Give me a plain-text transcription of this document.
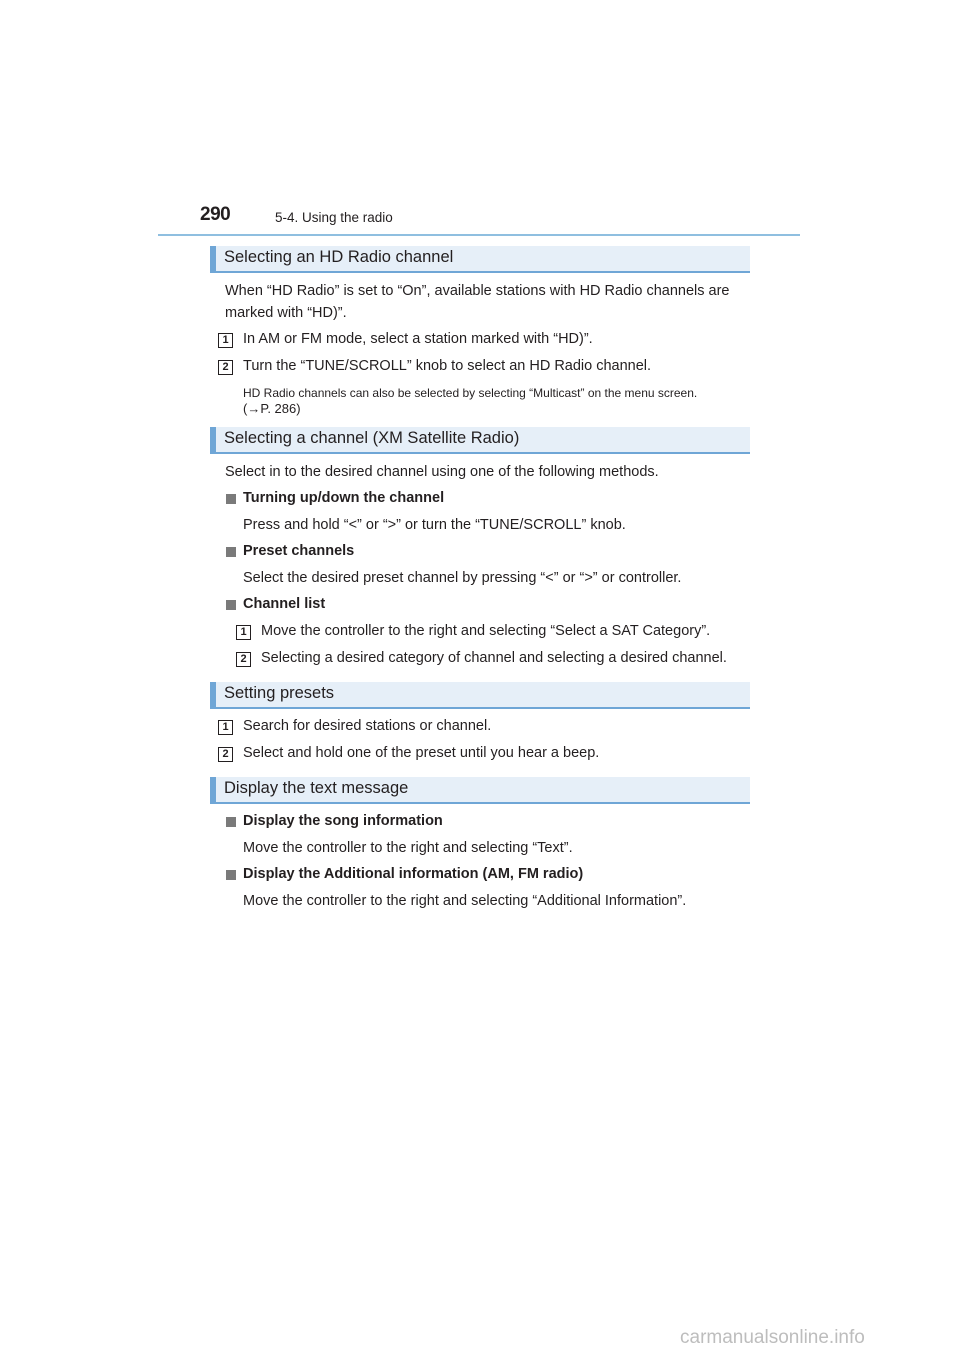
290	5-4. Using the radio
Selecting an HD Radio channel
When “HD Radio” is set to “On”, available stations with HD Radio channels are
marked with “HD)”.
1 In AM or FM mode, select a station marked with “HD)”.
2 Turn the “TUNE/SCROLL” knob to select an HD Radio channel.
HD Radio channels can also be selected by selecting “Multicast” on the menu screen.
(→P. 286)
Selecting a channel (XM Satellite Radio)
Select in to the desired channel using one of the following methods.
Turning up/down the channel
Press and hold “<” or “>” or turn the “TUNE/SCROLL” knob.
Preset channels
Select the desired preset channel by pressing “<” or “>” or controller.
Channel list
1 Move the controller to the right and selecting “Select a SAT Category”.
2 Selecting a desired category of channel and selecting a desired channel.
Setting presets
1 Search for desired stations or channel.
2 Select and hold one of the preset until you hear a beep.
Display the text message
Display the song information
Move the controller to the right and selecting “Text”.
Display the Additional information (AM, FM radio)
Move the controller to the right and selecting “Additional Information”.
carmanualsonline.info
